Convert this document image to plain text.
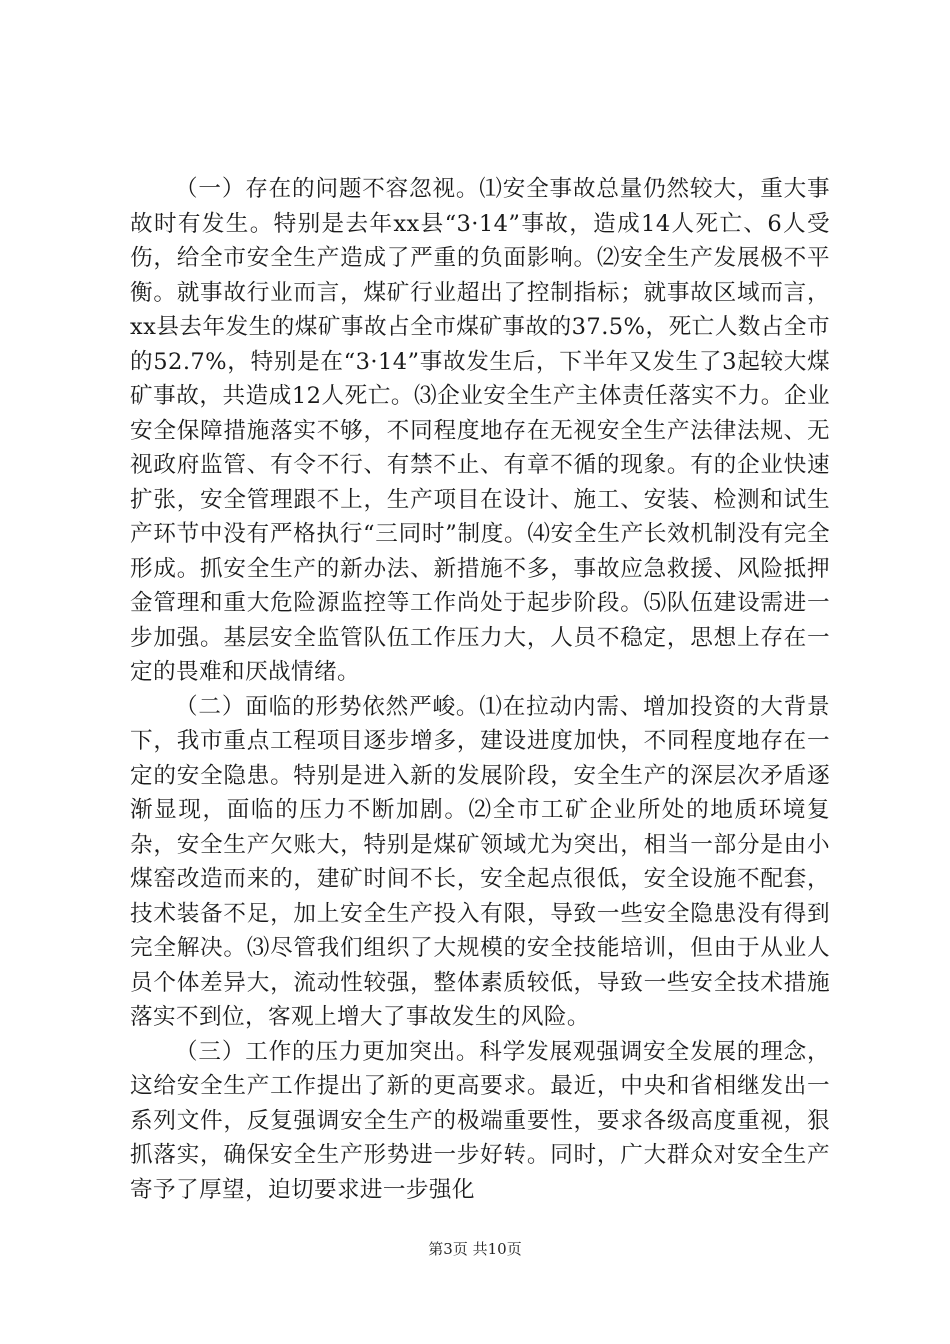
（一）存在的问题不容忽视。⑴安全事故总量仍然较大，重大事故时有发生。特别是去年xx县“3·14”事故，造成14人死亡、6人受伤，给全市安全生产造成了严重的负面影响。⑵安全生产发展极不平衡。就事故行业而言，煤矿行业超出了控制指标；就事故区域而言，xx县去年发生的煤矿事故占全市煤矿事故的37.5%，死亡人数占全市的52.7%，特别是在“3·14”事故发生后，下半年又发生了3起较大煤矿事故，共造成12人死亡。⑶企业安全生产主体责任落实不力。企业安全保障措施落实不够，不同程度地存在无视安全生产法律法规、无视政府监管、有令不行、有禁不止、有章不循的现象。有的企业快速扩张，安全管理跟不上，生产项目在设计、施工、安装、检测和试生产环节中没有严格执行“三同时”制度。⑷安全生产长效机制没有完全形成。抓安全生产的新办法、新措施不多，事故应急救援、风险抵押金管理和重大危险源监控等工作尚处于起步阶段。⑸队伍建设需进一步加强。基层安全监管队伍工作压力大，人员不稳定，思想上存在一定的畏难和厌战情绪。

（二）面临的形势依然严峻。⑴在拉动内需、增加投资的大背景下，我市重点工程项目逐步增多，建设进度加快，不同程度地存在一定的安全隐患。特别是进入新的发展阶段，安全生产的深层次矛盾逐渐显现，面临的压力不断加剧。⑵全市工矿企业所处的地质环境复杂，安全生产欠账大，特别是煤矿领域尤为突出，相当一部分是由小煤窑改造而来的，建矿时间不长，安全起点很低，安全设施不配套，技术装备不足，加上安全生产投入有限，导致一些安全隐患没有得到完全解决。⑶尽管我们组织了大规模的安全技能培训，但由于从业人员个体差异大，流动性较强，整体素质较低，导致一些安全技术措施落实不到位，客观上增大了事故发生的风险。

（三）工作的压力更加突出。科学发展观强调安全发展的理念，这给安全生产工作提出了新的更高要求。最近，中央和省相继发出一系列文件，反复强调安全生产的极端重要性，要求各级高度重视，狠抓落实，确保安全生产形势进一步好转。同时，广大群众对安全生产寄予了厚望，迫切要求进一步强化

第3页 共10页
